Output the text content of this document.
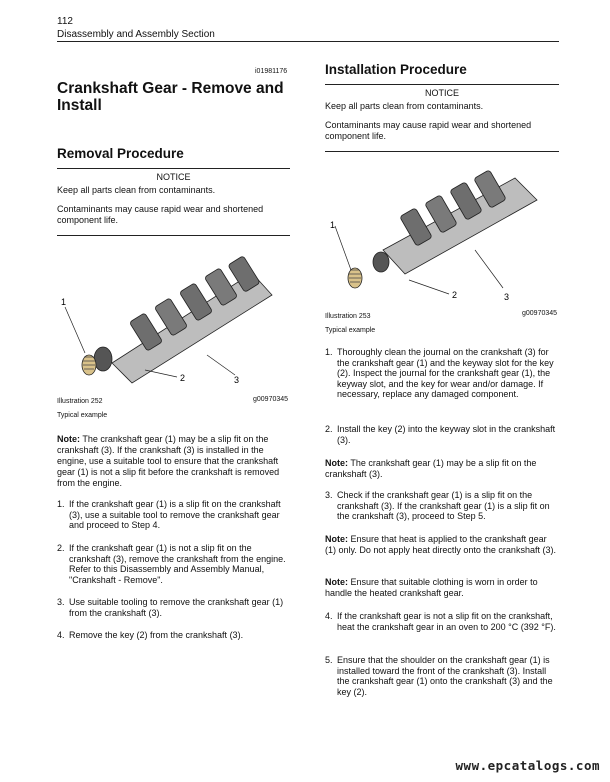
112
Disassembly and Assembly Section
i01981176
Crankshaft Gear - Remove and Install
Removal Procedure
NOTICE
Keep all parts clean from contaminants.
Contaminants may cause rapid wear and shortened component life.
1
2	3
Illustration 252	g00970345
Typical example
Note: The crankshaft gear (1) may be a slip fit on the crankshaft (3). If the crankshaft (3) is installed in the engine, use a suitable tool to ensure that the crankshaft gear (1) is not a slip fit before the crankshaft is removed from the engine.
1. If the crankshaft gear (1) is a slip fit on the crankshaft (3), use a suitable tool to remove the crankshaft gear and proceed to Step 4.
2. If the crankshaft gear (1) is not a slip fit on the crankshaft (3), remove the crankshaft from the engine. Refer to this Disassembly and Assembly Manual, "Crankshaft - Remove".
3. Use suitable tooling to remove the crankshaft gear (1) from the crankshaft (3).
4. Remove the key (2) from the crankshaft (3).
Installation Procedure
NOTICE
Keep all parts clean from contaminants.
Contaminants may cause rapid wear and shortened component life.
1
2	3
Illustration 253	g00970345
Typical example
1. Thoroughly clean the journal on the crankshaft (3) for the crankshaft gear (1) and the keyway slot for the key (2). Inspect the journal for the crankshaft gear (1), the keyway slot, and the key for wear and/or damage. If necessary, replace any damaged component.
2. Install the key (2) into the keyway slot in the crankshaft (3).
Note: The crankshaft gear (1) may be a slip fit on the crankshaft (3).
3. Check if the crankshaft gear (1) is a slip fit on the crankshaft (3). If the crankshaft gear (1) is a slip fit on the crankshaft (3), proceed to Step 5.
Note: Ensure that heat is applied to the crankshaft gear (1) only. Do not apply heat directly onto the crankshaft (3).
Note: Ensure that suitable clothing is worn in order to handle the heated crankshaft gear.
4. If the crankshaft gear is not a slip fit on the crankshaft, heat the crankshaft gear in an oven to 200 °C (392 °F).
5. Ensure that the shoulder on the crankshaft gear (1) is installed toward the front of the crankshaft (3). Install the crankshaft gear (1) onto the crankshaft (3) and the key (2).
www.epcatalogs.com
